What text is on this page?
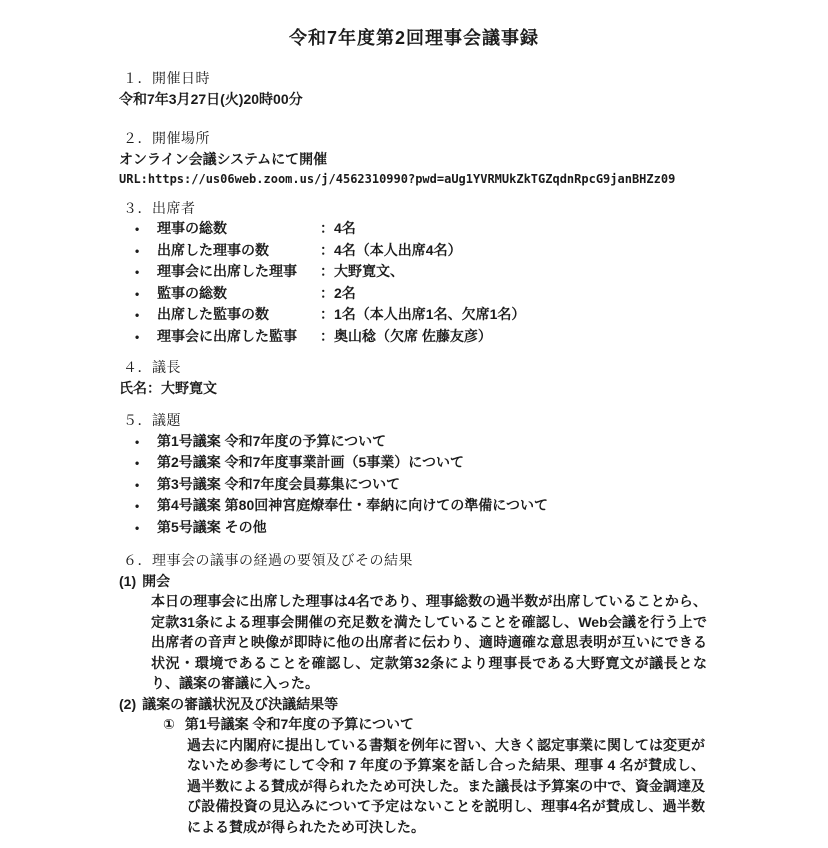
令和7年度第2回理事会議事録
１．開催日時
令和7年3月27日(火)20時00分
２．開催場所
オンライン会議システムにて開催
URL:https://us06web.zoom.us/j/4562310990?pwd=aUg1YVRMUkZkTGZqdnRpcG9janBHZz09
３．出席者
•	理事の総数	：4名
•	出席した理事の数	：4名（本人出席4名）
•	理事会に出席した理事	：大野寛文、
•	監事の総数	：2名
•	出席した監事の数	：1名（本人出席1名、欠席1名）
•	理事会に出席した監事	：奥山稔（欠席 佐藤友彦）
４．議長
氏名：大野寛文
５．議題
•	第1号議案 令和7年度の予算について
•	第2号議案 令和7年度事業計画（5事業）について
•	第3号議案 令和7年度会員募集について
•	第4号議案 第80回神宮庭燎奉仕・奉納に向けての準備について
•	第5号議案 その他
６．理事会の議事の経過の要領及びその結果
(1) 開会
本日の理事会に出席した理事は4名であり、理事総数の過半数が出席していることから、定款31条による理事会開催の充足数を満たしていることを確認し、Web会議を行う上で出席者の音声と映像が即時に他の出席者に伝わり、適時適確な意思表明が互いにできる状況・環境であることを確認し、定款第32条により理事長である大野寛文が議長となり、議案の審議に入った。
(2) 議案の審議状況及び決議結果等
① 第1号議案 令和7年度の予算について
過去に内閣府に提出している書類を例年に習い、大きく認定事業に関しては変更がないため参考にして令和 7 年度の予算案を話し合った結果、理事 4 名が賛成し、過半数による賛成が得られたため可決した。また議長は予算案の中で、資金調達及び設備投資の見込みについて予定はないことを説明し、理事4名が賛成し、過半数による賛成が得られたため可決した。
